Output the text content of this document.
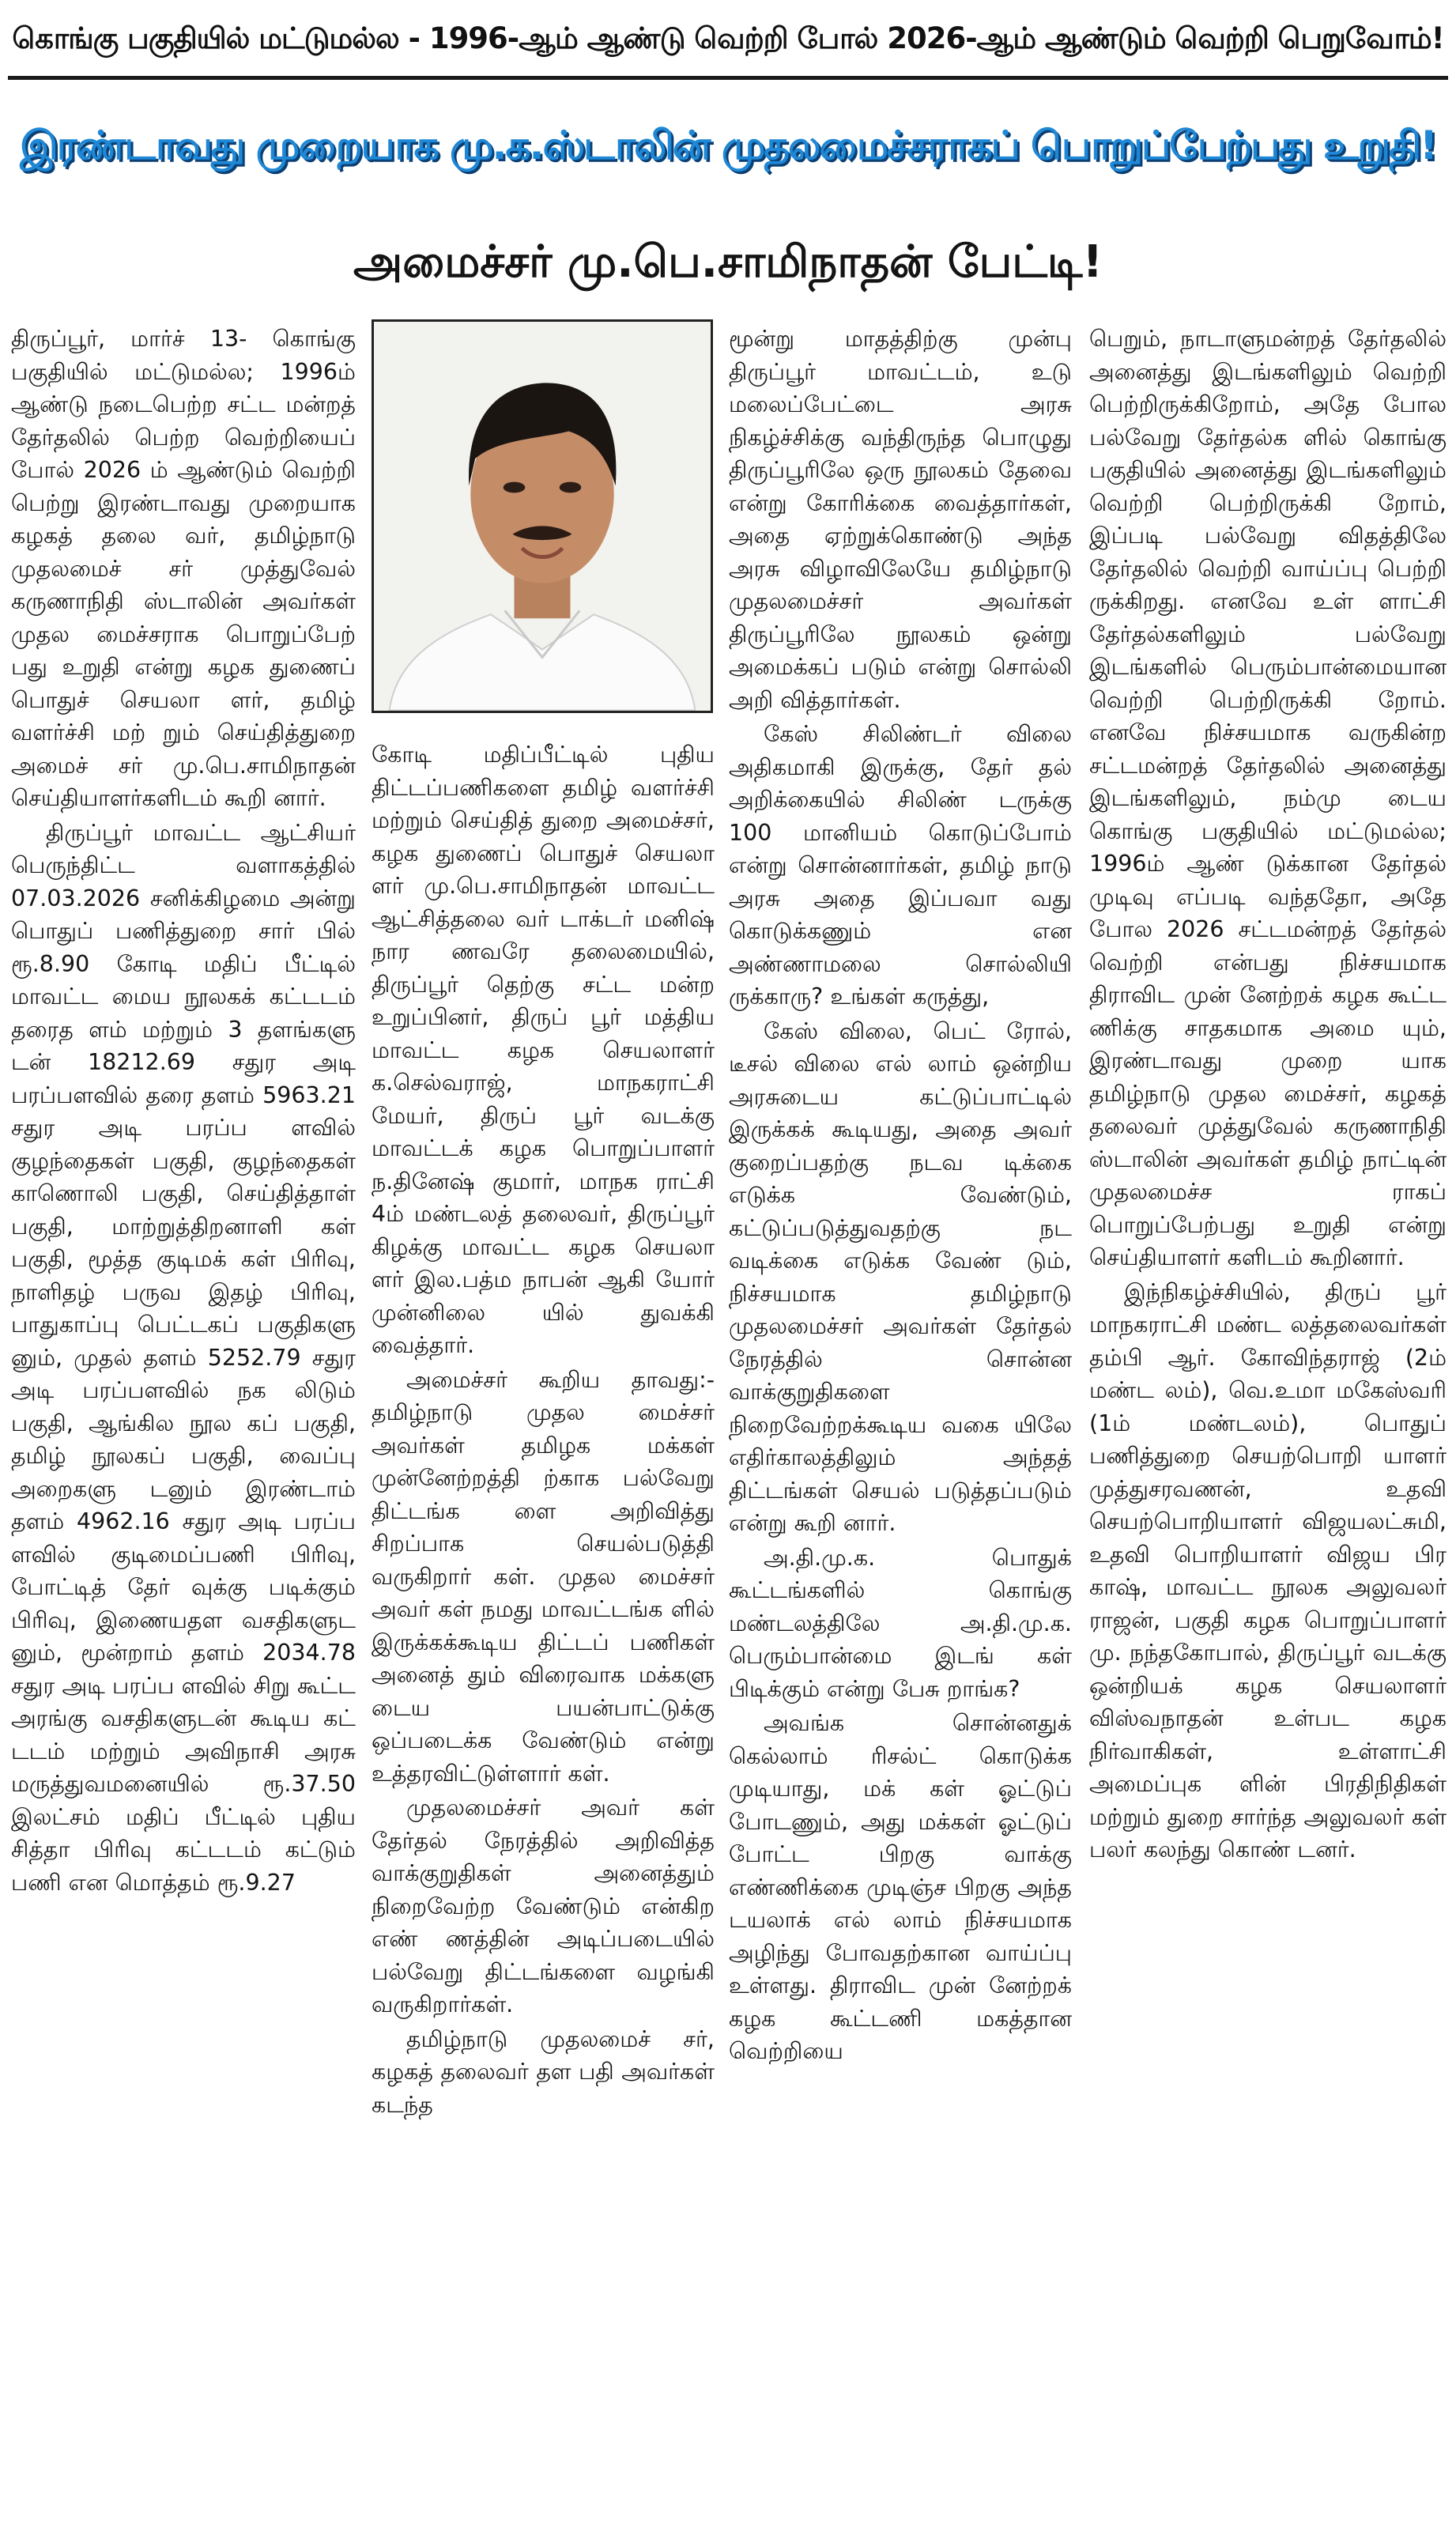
கொங்கு பகுதியில் மட்டுமல்ல - 1996-ஆம் ஆண்டு வெற்றி போல் 2026-ஆம் ஆண்டும் வெற்றி பெறுவோம்!
இரண்டாவது முறையாக மு.க.ஸ்டாலின் முதலமைச்சராகப் பொறுப்பேற்பது உறுதி!
அமைச்சர் மு.பெ.சாமிநாதன் பேட்டி!

திருப்பூர், மார்ச் 13- கொங்கு பகுதியில் மட்டுமல்ல; 1996ம் ஆண்டு நடைபெற்ற சட்ட மன்றத் தேர்தலில் பெற்ற வெற்றியைப் போல் 2026 ம் ஆண்டும் வெற்றி பெற்று இரண்டாவது முறையாக கழகத் தலை வர், தமிழ்நாடு முதலமைச் சர் முத்துவேல் கருணாநிதி ஸ்டாலின் அவர்கள் முதல மைச்சராக பொறுப்பேற் பது உறுதி என்று கழக துணைப் பொதுச் செயலா ளர், தமிழ் வளர்ச்சி மற் றும் செய்தித்துறை அமைச் சர் மு.பெ.சாமிநாதன் செய்தியாளர்களிடம் கூறி னார்.

திருப்பூர் மாவட்ட ஆட்சியர் பெருந்திட்ட வளாகத்தில் 07.03.2026 சனிக்கிழமை அன்று பொதுப் பணித்துறை சார் பில் ரூ.8.90 கோடி மதிப் பீட்டில் மாவட்ட மைய நூலகக் கட்டடம் தரைத ளம் மற்றும் 3 தளங்களு டன் 18212.69 சதுர அடி பரப்பளவில் தரை தளம் 5963.21 சதுர அடி பரப்ப ளவில் குழந்தைகள் பகுதி, குழந்தைகள் காணொலி பகுதி, செய்தித்தாள் பகுதி, மாற்றுத்திறனாளி கள் பகுதி, மூத்த குடிமக் கள் பிரிவு, நாளிதழ் பருவ இதழ் பிரிவு, பாதுகாப்பு பெட்டகப் பகுதிகளு னும், முதல் தளம் 5252.79 சதுர அடி பரப்பளவில் நக லிடும் பகுதி, ஆங்கில நூல கப் பகுதி, தமிழ் நூலகப் பகுதி, வைப்பு அறைகளு டனும் இரண்டாம் தளம் 4962.16 சதுர அடி பரப்ப ளவில் குடிமைப்பணி பிரிவு, போட்டித் தேர் வுக்கு படிக்கும் பிரிவு, இணையதள வசதிகளுட னும், மூன்றாம் தளம் 2034.78 சதுர அடி பரப்ப ளவில் சிறு கூட்ட அரங்கு வசதிகளுடன் கூடிய கட் டடம் மற்றும் அவிநாசி அரசு மருத்துவமனையில் ரூ.37.50 இலட்சம் மதிப் பீட்டில் புதிய சித்தா பிரிவு கட்டடம் கட்டும் பணி என மொத்தம் ரூ.9.27

கோடி மதிப்பீட்டில் புதிய திட்டப்பணிகளை தமிழ் வளர்ச்சி மற்றும் செய்தித் துறை அமைச்சர், கழக துணைப் பொதுச் செயலா ளர் மு.பெ.சாமிநாதன் மாவட்ட ஆட்சித்தலை வர் டாக்டர் மனிஷ் நார ணவரே தலைமையில், திருப்பூர் தெற்கு சட்ட மன்ற உறுப்பினர், திருப் பூர் மத்திய மாவட்ட கழக செயலாளர் க.செல்வராஜ், மாநகராட்சி மேயர், திருப் பூர் வடக்கு மாவட்டக் கழக பொறுப்பாளர் ந.தினேஷ் குமார், மாநக ராட்சி 4ம் மண்டலத் தலைவர், திருப்பூர் கிழக்கு மாவட்ட கழக செயலா ளர் இல.பத்ம நாபன் ஆகி யோர் முன்னிலை யில் துவக்கி வைத்தார்.

அமைச்சர் கூறிய தாவது:- தமிழ்நாடு முதல மைச்சர் அவர்கள் தமிழக மக்கள் முன்னேற்றத்தி ற்காக பல்வேறு திட்டங்க ளை அறிவித்து சிறப்பாக செயல்படுத்தி வருகிறார் கள். முதல மைச்சர் அவர் கள் நமது மாவட்டங்க ளில் இருக்கக்கூடிய திட்டப் பணிகள் அனைத் தும் விரைவாக மக்களு டைய பயன்பாட்டுக்கு ஒப்படைக்க வேண்டும் என்று உத்தரவிட்டுள்ளார் கள்.

முதலமைச்சர் அவர் கள் தேர்தல் நேரத்தில் அறிவித்த வாக்குறுதிகள் அனைத்தும் நிறைவேற்ற வேண்டும் என்கிற எண் ணத்தின் அடிப்படையில் பல்வேறு திட்டங்களை வழங்கி வருகிறார்கள்.

தமிழ்நாடு முதலமைச் சர், கழகத் தலைவர் தள பதி அவர்கள் கடந்த

மூன்று மாதத்திற்கு முன்பு திருப்பூர் மாவட்டம், உடு மலைப்பேட்டை அரசு நிகழ்ச்சிக்கு வந்திருந்த பொழுது திருப்பூரிலே ஒரு நூலகம் தேவை என்று கோரிக்கை வைத்தார்கள், அதை ஏற்றுக்கொண்டு அந்த அரசு விழாவிலேயே தமிழ்நாடு முதலமைச்சர் அவர்கள் திருப்பூரிலே நூலகம் ஒன்று அமைக்கப் படும் என்று சொல்லி அறி வித்தார்கள்.

கேஸ் சிலிண்டர் விலை அதிகமாகி இருக்கு, தேர் தல் அறிக்கையில் சிலிண் டருக்கு 100 மானியம் கொடுப்போம் என்று சொன்னார்கள், தமிழ் நாடு அரசு அதை இப்பவா வது கொடுக்கணும் என அண்ணாமலை சொல்லியி ருக்காரு? உங்கள் கருத்து,

கேஸ் விலை, பெட் ரோல், டீசல் விலை எல் லாம் ஒன்றிய அரசுடைய கட்டுப்பாட்டில் இருக்கக் கூடியது, அதை அவர் குறைப்பதற்கு நடவ டிக்கை எடுக்க வேண்டும், கட்டுப்படுத்துவதற்கு நட வடிக்கை எடுக்க வேண் டும், நிச்சயமாக தமிழ்நாடு முதலமைச்சர் அவர்கள் தேர்தல் நேரத்தில் சொன்ன வாக்குறுதிகளை நிறைவேற்றக்கூடிய வகை யிலே எதிர்காலத்திலும் அந்தத் திட்டங்கள் செயல் படுத்தப்படும் என்று கூறி னார்.

அ.தி.மு.க. பொதுக் கூட்டங்களில் கொங்கு மண்டலத்திலே அ.தி.மு.க. பெரும்பான்மை இடங் கள் பிடிக்கும் என்று பேசு றாங்க?

அவங்க சொன்னதுக் கெல்லாம் ரிசல்ட் கொடுக்க முடியாது, மக் கள் ஓட்டுப் போடணும், அது மக்கள் ஓட்டுப் போட்ட பிறகு வாக்கு எண்ணிக்கை முடிஞ்ச பிறகு அந்த டயலாக் எல் லாம் நிச்சயமாக அழிந்து போவதற்கான வாய்ப்பு உள்ளது. திராவிட முன் னேற்றக் கழக கூட்டணி மகத்தான வெற்றியை

பெறும், நாடாளுமன்றத் தேர்தலில் அனைத்து இடங்களிலும் வெற்றி பெற்றிருக்கிறோம், அதே போல பல்வேறு தேர்தல்க ளில் கொங்கு பகுதியில் அனைத்து இடங்களிலும் வெற்றி பெற்றிருக்கி றோம், இப்படி பல்வேறு விதத்திலே தேர்தலில் வெற்றி வாய்ப்பு பெற்றி ருக்கிறது. எனவே உள் ளாட்சி தேர்தல்களிலும் பல்வேறு இடங்களில் பெரும்பான்மையான வெற்றி பெற்றிருக்கி றோம். எனவே நிச்சயமாக வருகின்ற சட்டமன்றத் தேர்தலில் அனைத்து இடங்களிலும், நம்மு டைய கொங்கு பகுதியில் மட்டுமல்ல; 1996ம் ஆண் டுக்கான தேர்தல் முடிவு எப்படி வந்ததோ, அதே போல 2026 சட்டமன்றத் தேர்தல் வெற்றி என்பது நிச்சயமாக திராவிட முன் னேற்றக் கழக கூட்ட ணிக்கு சாதகமாக அமை யும், இரண்டாவது முறை யாக தமிழ்நாடு முதல மைச்சர், கழகத் தலைவர் முத்துவேல் கருணாநிதி ஸ்டாலின் அவர்கள் தமிழ் நாட்டின் முதலமைச்ச ராகப் பொறுப்பேற்பது உறுதி என்று செய்தியாளர் களிடம் கூறினார்.

இந்நிகழ்ச்சியில், திருப் பூர் மாநகராட்சி மண்ட லத்தலைவர்கள் தம்பி ஆர். கோவிந்தராஜ் (2ம் மண்ட லம்), வெ.உமா மகேஸ்வரி (1ம் மண்டலம்), பொதுப் பணித்துறை செயற்பொறி யாளர் முத்துசரவணன், உதவி செயற்பொறியாளர் விஜயலட்சுமி, உதவி பொறியாளர் விஜய பிர காஷ், மாவட்ட நூலக அலுவலர் ராஜன், பகுதி கழக பொறுப்பாளர் மு. நந்தகோபால், திருப்பூர் வடக்கு ஒன்றியக் கழக செயலாளர் விஸ்வநாதன் உள்பட கழக நிர்வாகிகள், உள்ளாட்சி அமைப்புக ளின் பிரதிநிதிகள் மற்றும் துறை சார்ந்த அலுவலர் கள் பலர் கலந்து கொண் டனர்.
